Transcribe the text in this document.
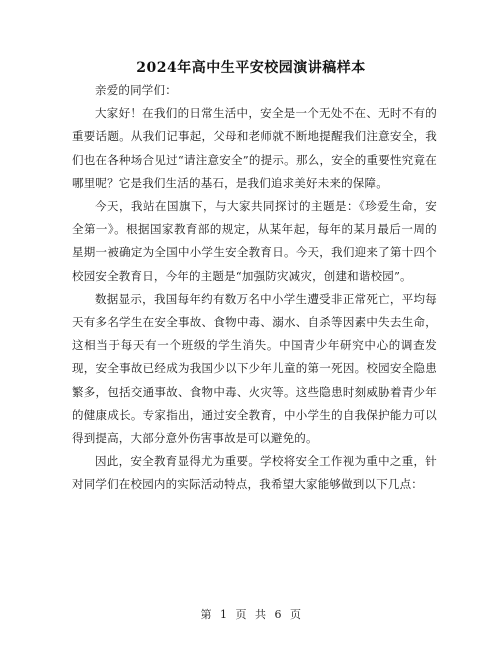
2024年高中生平安校园演讲稿样本

亲爱的同学们：

大家好！在我们的日常生活中，安全是一个无处不在、无时不有的重要话题。从我们记事起，父母和老师就不断地提醒我们注意安全，我们也在各种场合见过“请注意安全”的提示。那么，安全的重要性究竟在哪里呢？它是我们生活的基石，是我们追求美好未来的保障。

今天，我站在国旗下，与大家共同探讨的主题是：《珍爱生命，安全第一》。根据国家教育部的规定，从某年起，每年的某月最后一周的星期一被确定为全国中小学生安全教育日。今天，我们迎来了第十四个校园安全教育日，今年的主题是“加强防灾减灾，创建和谐校园”。

数据显示，我国每年约有数万名中小学生遭受非正常死亡，平均每天有多名学生在安全事故、食物中毒、溺水、自杀等因素中失去生命，这相当于每天有一个班级的学生消失。中国青少年研究中心的调查发现，安全事故已经成为我国少以下少年儿童的第一死因。校园安全隐患繁多，包括交通事故、食物中毒、火灾等。这些隐患时刻威胁着青少年的健康成长。专家指出，通过安全教育，中小学生的自我保护能力可以得到提高，大部分意外伤害事故是可以避免的。

因此，安全教育显得尤为重要。学校将安全工作视为重中之重，针对同学们在校园内的实际活动特点，我希望大家能够做到以下几点：

第 1 页 共 6 页
